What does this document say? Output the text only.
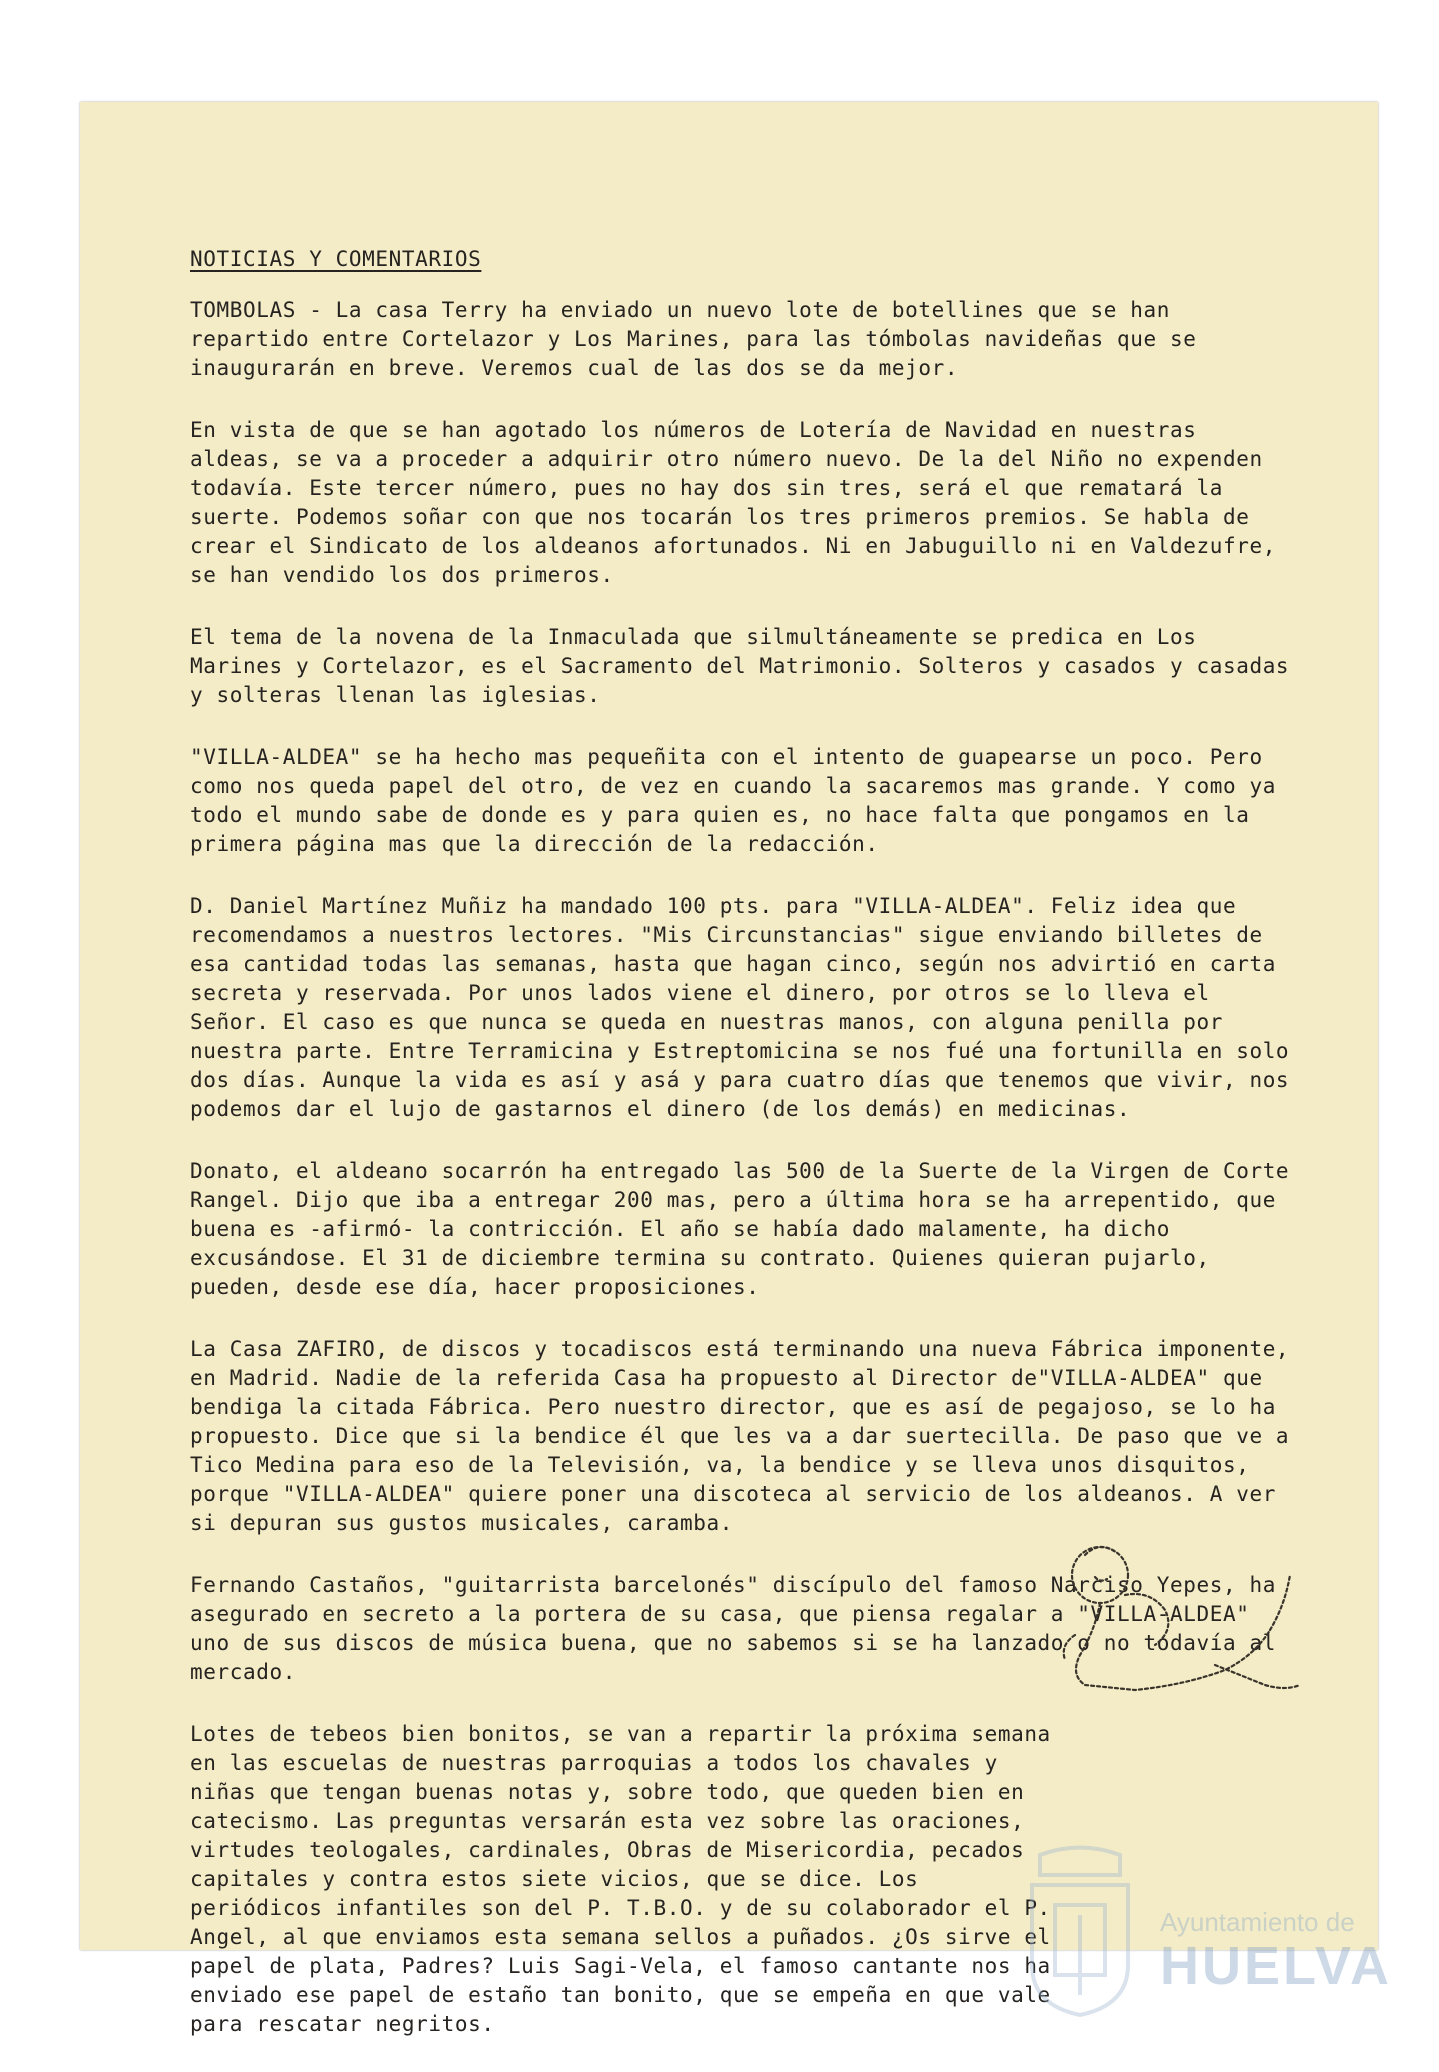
NOTICIAS Y COMENTARIOS

TOMBOLAS - La casa Terry ha enviado un nuevo lote de botellines que se han repartido entre Cortelazor y Los Marines, para las tómbolas navideñas que se inaugurarán en breve. Veremos cual de las dos se da mejor.

En vista de que se han agotado los números de Lotería de Navidad en nuestras aldeas, se va a proceder a adquirir otro número nuevo. De la del Niño no expenden todavía. Este tercer número, pues no hay dos sin tres, será el que rematará la suerte. Podemos soñar con que nos tocarán los tres primeros premios. Se habla de crear el Sindicato de los aldeanos afortunados. Ni en Jabuguillo ni en Valdezufre, se han vendido los dos primeros.

El tema de la novena de la Inmaculada que silmultáneamente se predica en Los Marines y Cortelazor, es el Sacramento del Matrimonio. Solteros y casados y casadas y solteras llenan las iglesias.

"VILLA-ALDEA" se ha hecho mas pequeñita con el intento de guapearse un poco. Pero como nos queda papel del otro, de vez en cuando la sacaremos mas grande. Y como ya todo el mundo sabe de donde es y para quien es, no hace falta que pongamos en la primera página mas que la dirección de la redacción.

D. Daniel Martínez Muñiz ha mandado 100 pts. para "VILLA-ALDEA". Feliz idea que recomendamos a nuestros lectores. "Mis Circunstancias" sigue enviando billetes de esa cantidad todas las semanas, hasta que hagan cinco, según nos advirtió en carta secreta y reservada. Por unos lados viene el dinero, por otros se lo lleva el Señor. El caso es que nunca se queda en nuestras manos, con alguna penilla por nuestra parte. Entre Terramicina y Estreptomicina se nos fué una fortunilla en solo dos días. Aunque la vida es así y asá y para cuatro días que tenemos que vivir, nos podemos dar el lujo de gastarnos el dinero (de los demás) en medicinas.

Donato, el aldeano socarrón ha entregado las 500 de la Suerte de la Virgen de Corte Rangel. Dijo que iba a entregar 200 mas, pero a última hora se ha arrepentido, que buena es -afirmó- la contricción. El año se había dado malamente, ha dicho excusándose. El 31 de diciembre termina su contrato. Quienes quieran pujarlo, pueden, desde ese día, hacer proposiciones.

La Casa ZAFIRO, de discos y tocadiscos está terminando una nueva Fábrica imponente, en Madrid. Nadie de la referida Casa ha propuesto al Director de"VILLA-ALDEA" que bendiga la citada Fábrica. Pero nuestro director, que es así de pegajoso, se lo ha propuesto. Dice que si la bendice él que les va a dar suertecilla. De paso que ve a Tico Medina para eso de la Televisión, va, la bendice y se lleva unos disquitos, porque "VILLA-ALDEA" quiere poner una discoteca al servicio de los aldeanos. A ver si depuran sus gustos musicales, caramba.

Fernando Castaños, "guitarrista barcelonés" discípulo del famoso Narciso Yepes, ha asegurado en secreto a la portera de su casa, que piensa regalar a "VILLA-ALDEA" uno de sus discos de música buena, que no sabemos si se ha lanzado o no todavía al mercado.

Lotes de tebeos bien bonitos, se van a repartir la próxima semana en las escuelas de nuestras parroquias a todos los chavales y niñas que tengan buenas notas y, sobre todo, que queden bien en catecismo. Las preguntas versarán esta vez sobre las oraciones, virtudes teologales, cardinales, Obras de Misericordia, pecados capitales y contra estos siete vicios, que se dice. Los periódicos infantiles son del P. T.B.O. y de su colaborador el P. Angel, al que enviamos esta semana sellos a puñados. ¿Os sirve el papel de plata, Padres? Luis Sagi-Vela, el famoso cantante nos ha enviado ese papel de estaño tan bonito, que se empeña en que vale para rescatar negritos.

Ayuntamiento de
HUELVA
